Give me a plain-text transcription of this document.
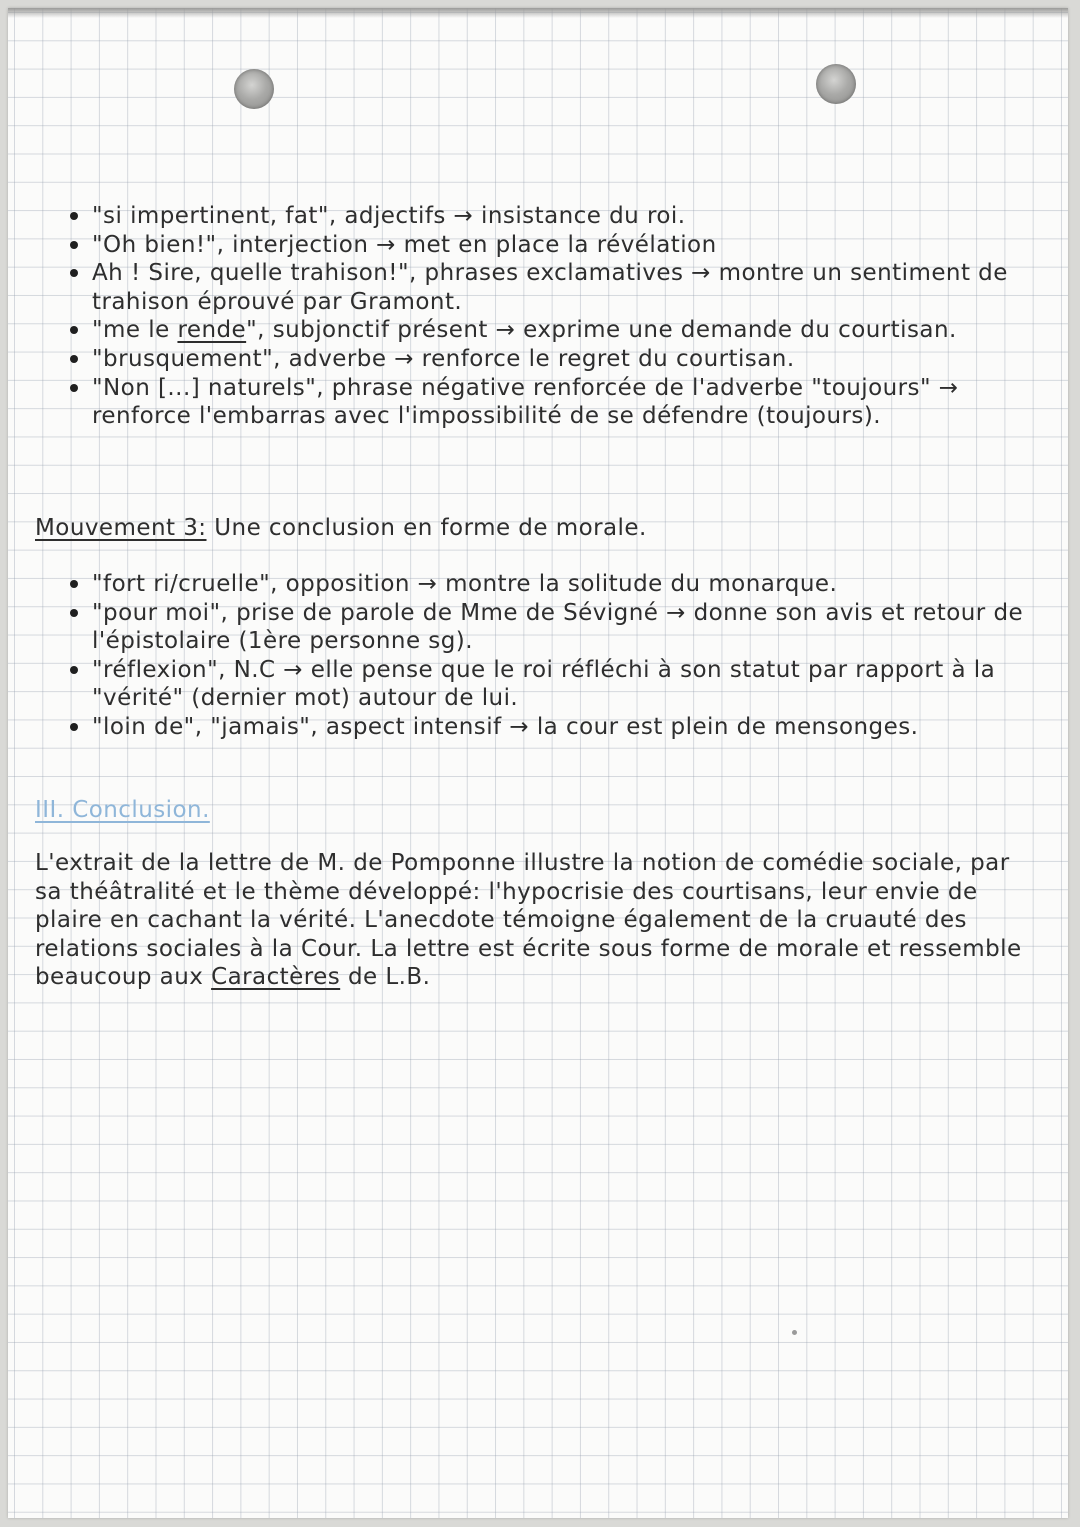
"si impertinent, fat", adjectifs → insistance du roi.
"Oh bien!", interjection → met en place la révélation
Ah ! Sire, quelle trahison!", phrases exclamatives → montre un sentiment de trahison éprouvé par Gramont.
"me le rende", subjonctif présent → exprime une demande du courtisan.
"brusquement", adverbe → renforce le regret du courtisan.
"Non [...] naturels", phrase négative renforcée de l'adverbe "toujours" → renforce l'embarras avec l'impossibilité de se défendre (toujours).
Mouvement 3: Une conclusion en forme de morale.
"fort ri/cruelle", opposition → montre la solitude du monarque.
"pour moi", prise de parole de Mme de Sévigné → donne son avis et retour de l'épistolaire (1ère personne sg).
"réflexion", N.C → elle pense que le roi réfléchi à son statut par rapport à la "vérité" (dernier mot) autour de lui.
"loin de", "jamais", aspect intensif → la cour est plein de mensonges.
III. Conclusion.

L'extrait de la lettre de M. de Pomponne illustre la notion de comédie sociale, par sa théâtralité et le thème développé: l'hypocrisie des courtisans, leur envie de plaire en cachant la vérité. L'anecdote témoigne également de la cruauté des relations sociales à la Cour. La lettre est écrite sous forme de morale et ressemble beaucoup aux Caractères de L.B.
